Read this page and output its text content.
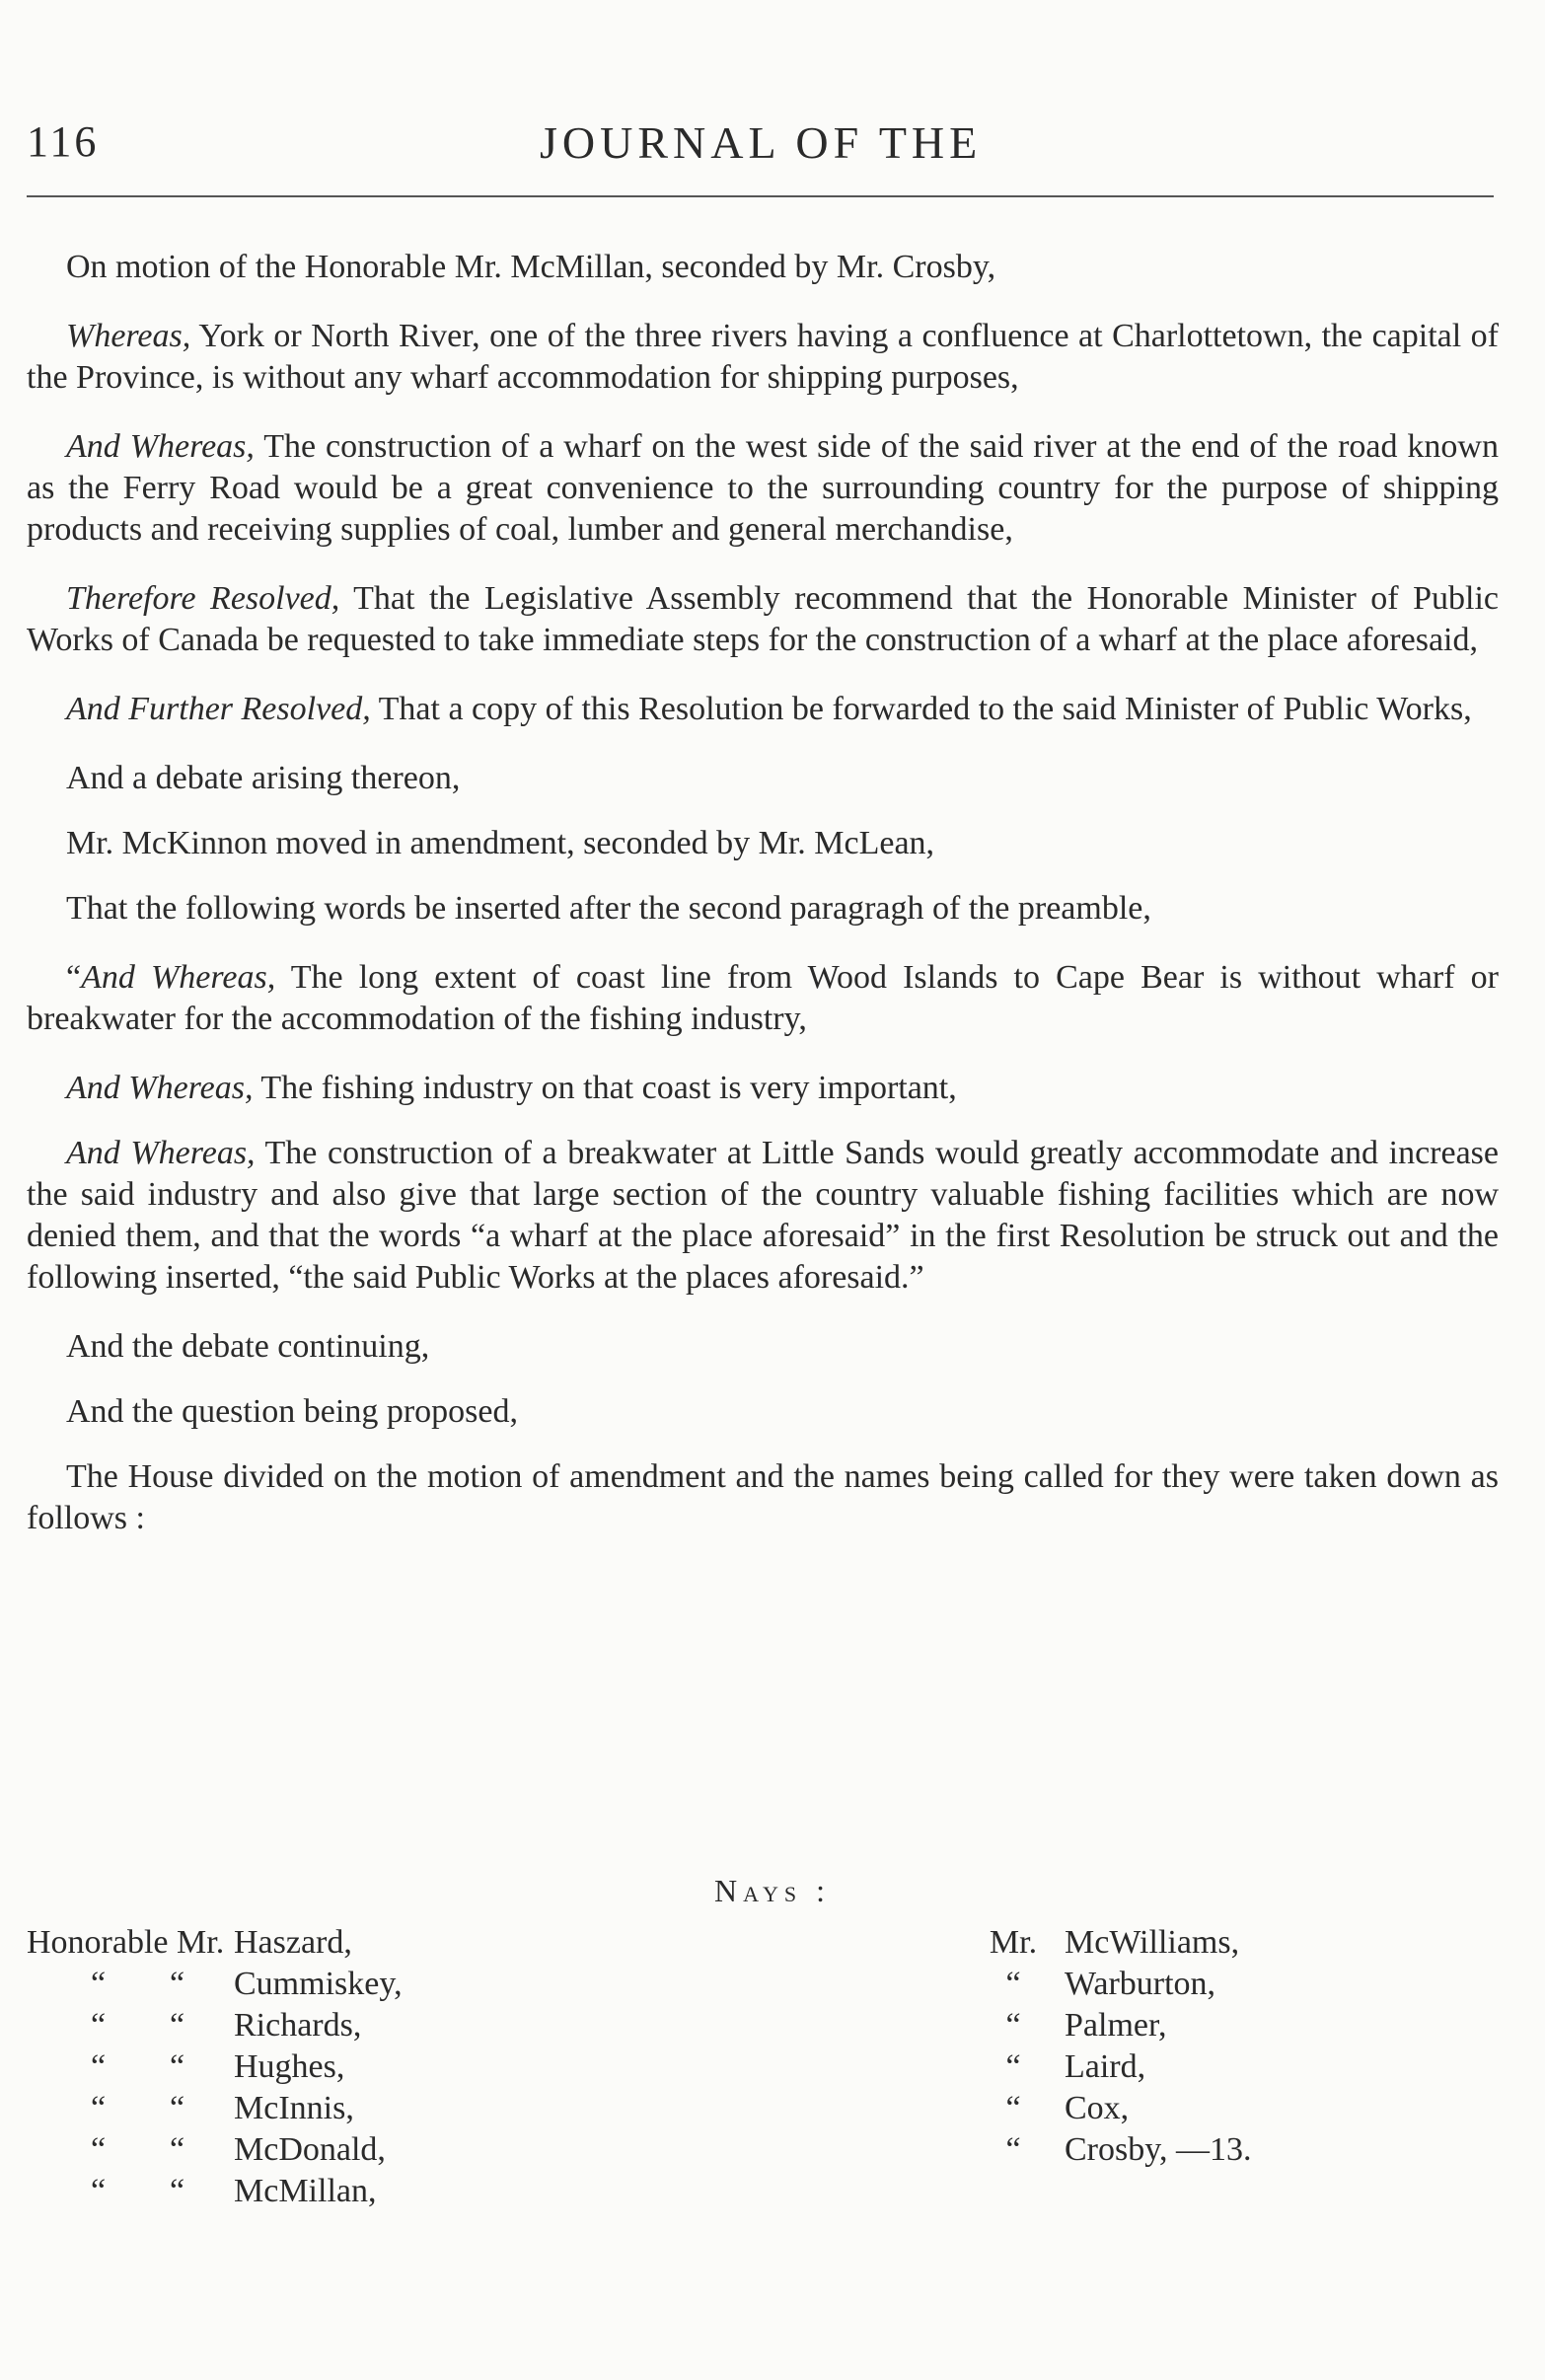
116	JOURNAL OF THE

On motion of the Honorable Mr. McMillan, seconded by Mr. Crosby,

Whereas, York or North River, one of the three rivers having a confluence at Charlottetown, the capital of the Province, is without any wharf accommodation for shipping purposes,

And Whereas, The construction of a wharf on the west side of the said river at the end of the road known as the Ferry Road would be a great convenience to the surrounding country for the purpose of shipping products and receiving supplies of coal, lumber and general merchandise,

Therefore Resolved, That the Legislative Assembly recommend that the Honorable Minister of Public Works of Canada be requested to take immediate steps for the construction of a wharf at the place aforesaid,

And Further Resolved, That a copy of this Resolution be forwarded to the said Minister of Public Works,

And a debate arising thereon,

Mr. McKinnon moved in amendment, seconded by Mr. McLean,

That the following words be inserted after the second paragragh of the preamble,

“And Whereas, The long extent of coast line from Wood Islands to Cape Bear is without wharf or breakwater for the accommodation of the fishing industry,

And Whereas, The fishing industry on that coast is very important,

And Whereas, The construction of a breakwater at Little Sands would greatly accommodate and increase the said industry and also give that large section of the country valuable fishing facilities which are now denied them, and that the words “a wharf at the place aforesaid” in the first Resolution be struck out and the following inserted, “the said Public Works at the places aforesaid.”

And the debate continuing,

And the question being proposed,

The House divided on the motion of amendment and the names being called for they were taken down as follows :

Nays :
Honorable Mr. Haszard,
“ “	Cummiskey,
“ “	Richards,
“ “	Hughes,
“ “	McInnis,
“ “	McDonald,
“ “	McMillan,
Mr. McWilliams,
“	Warburton,
“	Palmer,
“	Laird,
“	Cox,
“	Crosby, —13.
